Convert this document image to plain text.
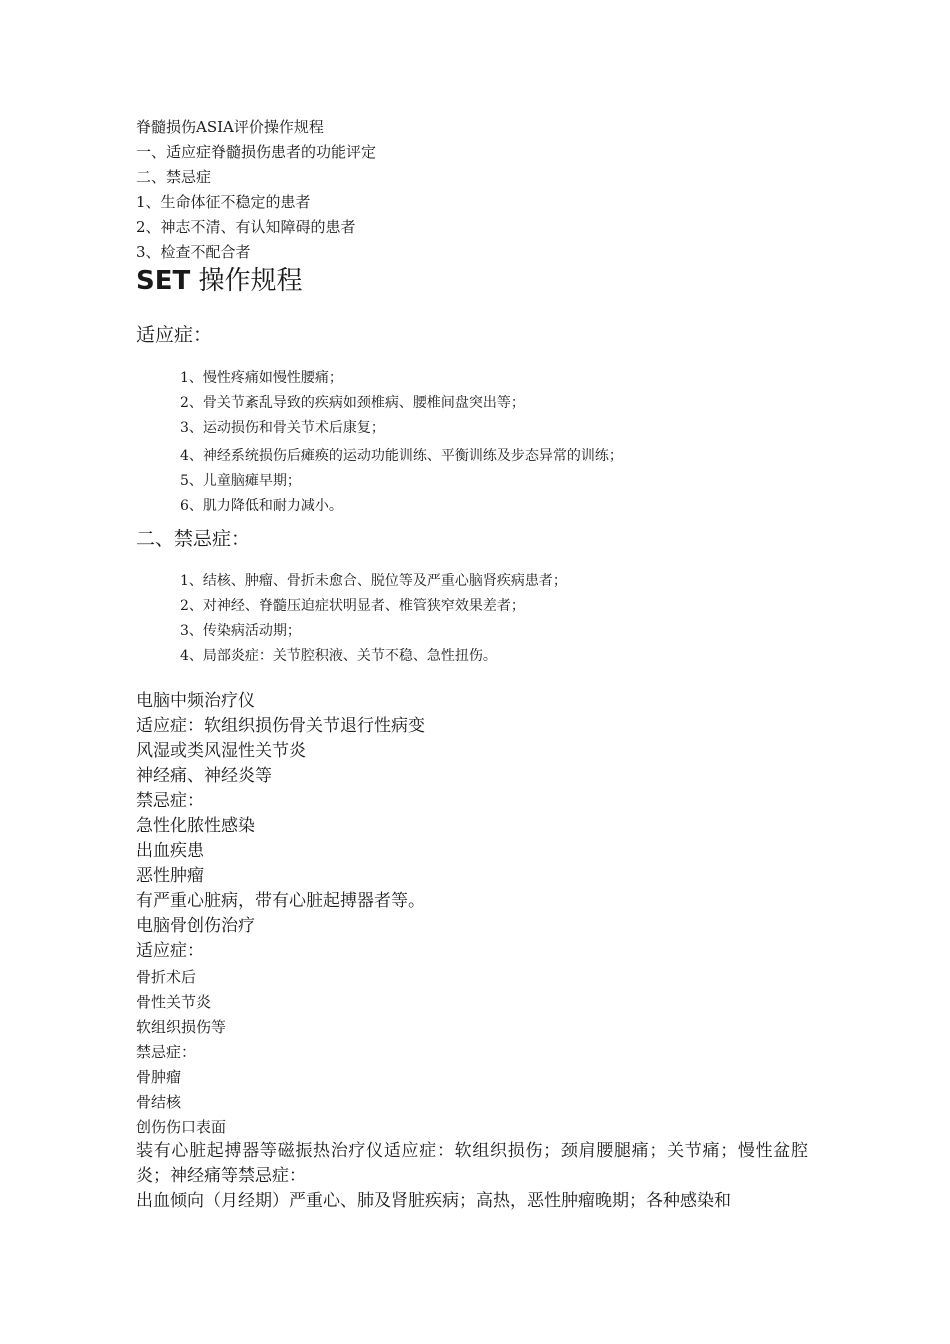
脊髓损伤ASIA评价操作规程
一、适应症脊髓损伤患者的功能评定
二、禁忌症
1、生命体征不稳定的患者
2、神志不清、有认知障碍的患者
3、检查不配合者
SET 操作规程
适应症：
1、慢性疼痛如慢性腰痛；
2、骨关节紊乱导致的疾病如颈椎病、腰椎间盘突出等；
3、运动损伤和骨关节术后康复；
4、神经系统损伤后瘫痪的运动功能训练、平衡训练及步态异常的训练；
5、儿童脑瘫早期；
6、肌力降低和耐力减小。
二、禁忌症：
1、结核、肿瘤、骨折未愈合、脱位等及严重心脑肾疾病患者；
2、对神经、脊髓压迫症状明显者、椎管狭窄效果差者；
3、传染病活动期；
4、局部炎症：关节腔积液、关节不稳、急性扭伤。
电脑中频治疗仪
适应症：软组织损伤骨关节退行性病变
风湿或类风湿性关节炎
神经痛、神经炎等
禁忌症：
急性化脓性感染
出血疾患
恶性肿瘤
有严重心脏病，带有心脏起搏器者等。
电脑骨创伤治疗
适应症：
骨折术后
骨性关节炎
软组织损伤等
禁忌症：
骨肿瘤
骨结核
创伤伤口表面
装有心脏起搏器等磁振热治疗仪适应症：软组织损伤；颈肩腰腿痛；关节痛；慢性盆腔炎；神经痛等禁忌症：
出血倾向（月经期）严重心、肺及肾脏疾病；高热，恶性肿瘤晚期；各种感染和
